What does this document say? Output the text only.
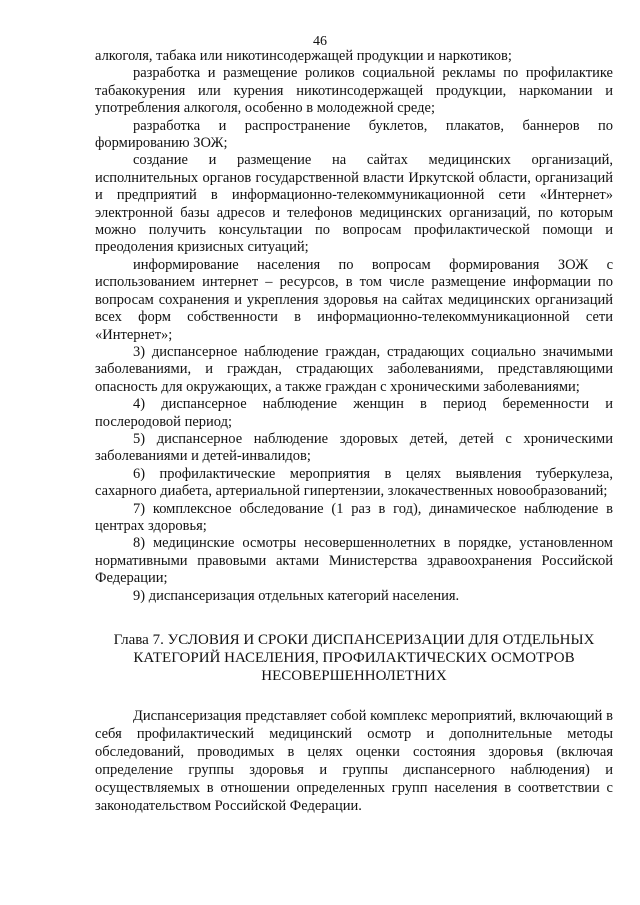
46

алкоголя, табака или никотинсодержащей продукции и наркотиков;

разработка и размещение роликов социальной рекламы по профилактике табакокурения или курения никотинсодержащей продукции, наркомании и употребления алкоголя, особенно в молодежной среде;

разработка и распространение буклетов, плакатов, баннеров по формированию ЗОЖ;

создание и размещение на сайтах медицинских организаций, исполнительных органов государственной власти Иркутской области, организаций и предприятий в информационно-телекоммуникационной сети «Интернет» электронной базы адресов и телефонов медицинских организаций, по которым можно получить консультации по вопросам профилактической помощи и преодоления кризисных ситуаций;

информирование населения по вопросам формирования ЗОЖ с использованием интернет – ресурсов, в том числе размещение информации по вопросам сохранения и укрепления здоровья на сайтах медицинских организаций всех форм собственности в информационно-телекоммуникационной сети «Интернет»;

3) диспансерное наблюдение граждан, страдающих социально значимыми заболеваниями, и граждан, страдающих заболеваниями, представляющими опасность для окружающих, а также граждан с хроническими заболеваниями;

4) диспансерное наблюдение женщин в период беременности и послеродовой период;

5) диспансерное наблюдение здоровых детей, детей с хроническими заболеваниями и детей-инвалидов;

6) профилактические мероприятия в целях выявления туберкулеза, сахарного диабета, артериальной гипертензии, злокачественных новообразований;

7) комплексное обследование (1 раз в год), динамическое наблюдение в центрах здоровья;

8) медицинские осмотры несовершеннолетних в порядке, установленном нормативными правовыми актами Министерства здравоохранения Российской Федерации;

9) диспансеризация отдельных категорий населения.

Глава 7. УСЛОВИЯ И СРОКИ ДИСПАНСЕРИЗАЦИИ ДЛЯ ОТДЕЛЬНЫХ КАТЕГОРИЙ НАСЕЛЕНИЯ, ПРОФИЛАКТИЧЕСКИХ ОСМОТРОВ НЕСОВЕРШЕННОЛЕТНИХ

Диспансеризация представляет собой комплекс мероприятий, включающий в себя профилактический медицинский осмотр и дополнительные методы обследований, проводимых в целях оценки состояния здоровья (включая определение группы здоровья и группы диспансерного наблюдения) и осуществляемых в отношении определенных групп населения в соответствии с законодательством Российской Федерации.
